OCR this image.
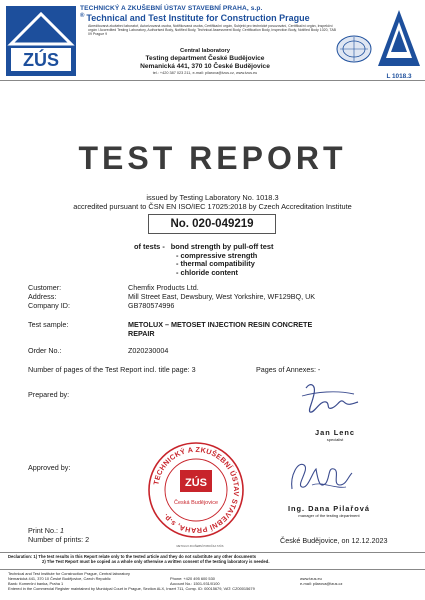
ZÚS
TECHNICKÝ A ZKUŠEBNÍ ÚSTAV STAVEBNÍ PRAHA, s.p.
® Technical and Test Institute for Construction Prague
Akreditovaná zkušební laboratoř, Autorizovaná osoba, Notifikovaná osoba, Certifikační orgán, Subjekt pro technické posuzování, Certifikační orgán, Inspekční orgán / Accredited Testing Laboratory, Authorised Body, Notified Body, Technical Assessment Body, Certification Body, Inspection Body, Notified Body 1020, TAB 09 Prague 9
Central laboratory
Testing department České Budějovice
Nemanická 441, 370 10 České Budějovice
tel.: +420 387 023 211, e-mail: pilarova@tzus.cz, www.tzus.eu	L 1018.3
TEST REPORT
issued by Testing Laboratory No. 1018.3
accredited pursuant to ČSN EN ISO/IEC 17025:2018 by Czech Accreditation Institute
No. 020-049219
of tests - bond strength by pull-off test
- compressive strength
- thermal compatibility
- chloride content
Customer:	Chemfix Products Ltd.
Address:	Mill Street East, Dewsbury, West Yorkshire, WF129BQ, UK
Company ID:	GB780574996
Test sample:	METOLUX – METOSET INJECTION RESIN CONCRETE
REPAIR
Order No.:	Z020230004
Number of pages of the Test Report incl. title page: 3	Pages of Annexes: -
Prepared by:
Jan Lenc
specialist
Approved by:
TECHNICKÝ A ZKUŠEBNÍ ÚSTAV STAVEBNÍ PRAHA, s.p.
ZÚS
Česká Budějovice
METOLUX ZKUŠEBNÍ POBOČKA TZÚS
Ing. Dana Pilařová
manager of the testing department
Print No.: 1
Number of prints: 2	České Budějovice, on 12.12.2023
Declaration: 1) The test results in this Report relate only to the tested article and they do not substitute any other documents
2) The Test Report must be copied as a whole only otherwise a written consent of the testing laboratory is needed.
Technical and Test Institute for Construction Prague, Central laboratory
Nemanická 441, 370 10 České Budějovice, Czech Republic	Phone: +420 495 600 530	www.tzus.eu
Bank: Komerční banka, Praha 1	Account No.: 1501-931/0100	e-mail: pilarova@tzus.cz
Entered in the Commercial Register maintained by Municipal Court in Prague, Section ALX, Insert 711, Comp. ID: 00015679, VAT: CZ00015679
